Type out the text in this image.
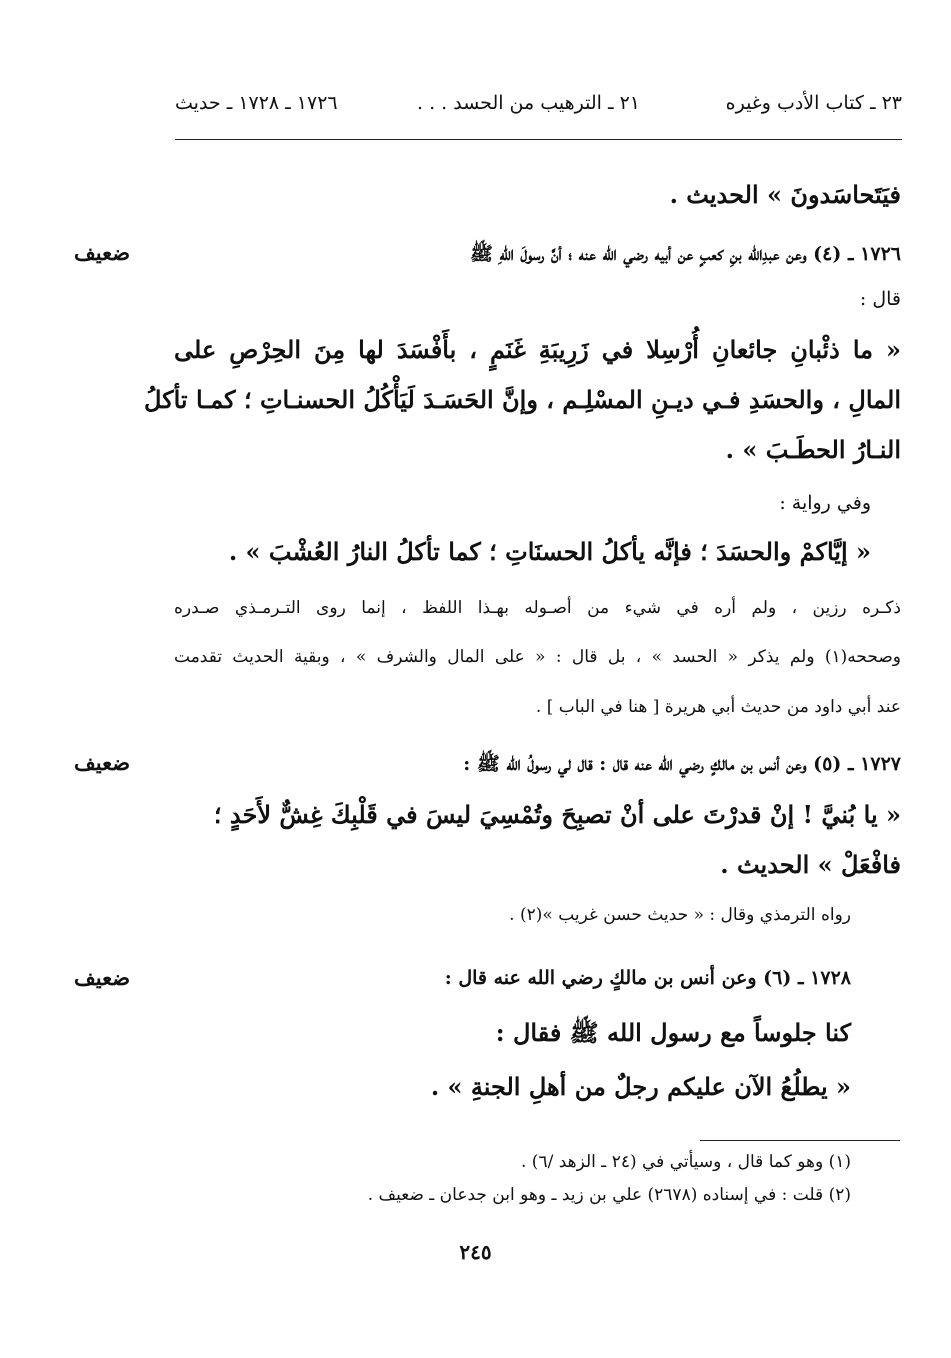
٢٣ ـ كتاب الأدب وغيره
٢١ ـ الترهيب من الحسد . . .
١٧٢٦ ـ ١٧٢٨ ـ حديث
فيَتَحاسَدونَ » الحديث .
ضعيف	١٧٢٦ ـ (٤) وعن عبدِالله بنِ كعبٍ عن أبيه رضي الله عنه ؛ أنَّ رسولَ اللهِ ﷺ
قال :
« ما ذئْبانِ جائعانِ أُرْسِلا في زَرِيبَةِ غَنَمٍ ، بأَفْسَدَ لها مِنَ الحِرْصِ على
المالِ ، والحسَدِ فـي ديـنِ المسْلِـم ، وإنَّ الحَسَـدَ لَيَأْكُلُ الحسنـاتِ ؛ كمـا تأكلُ
النـارُ الحطَـبَ » .
وفي رواية :
« إيَّاكمْ والحسَدَ ؛ فإنَّه يأكلُ الحسنَاتِ ؛ كما تأكلُ النارُ العُشْبَ » .
ذكـره رزين ، ولم أره في شيء من أصـوله بهـذا اللفظ ، إنما روى التـرمـذي صـدره
وصححه(١) ولم يذكر « الحسد » ، بل قال : « على المال والشرف » ، وبقية الحديث تقدمت
عند أبي داود من حديث أبي هريرة [ هنا في الباب ] .
ضعيف	١٧٢٧ ـ (٥) وعن أنس بن مالكٍ رضي الله عنه قال : قال لي رسولُ الله ﷺ :
« يا بُنيَّ ! إنْ قدرْتَ على أنْ تصبِحَ وتُمْسِيَ ليسَ في قَلْبِكَ غِشٌّ لأَحَدٍ ؛
فافْعَلْ » الحديث .
رواه الترمذي وقال : « حديث حسن غريب »(٢) .
ضعيف	١٧٢٨ ـ (٦) وعن أنس بن مالكٍ رضي الله عنه قال :
كنا جلوساً مع رسول الله ﷺ فقال :
« يطلُعُ الآن عليكم رجلٌ من أهلِ الجنةِ » .
(١) وهو كما قال ، وسيأتي في (٢٤ ـ الزهد /٦) .
(٢) قلت : في إسناده (٢٦٧٨) علي بن زيد ـ وهو ابن جدعان ـ ضعيف .
٢٤٥
